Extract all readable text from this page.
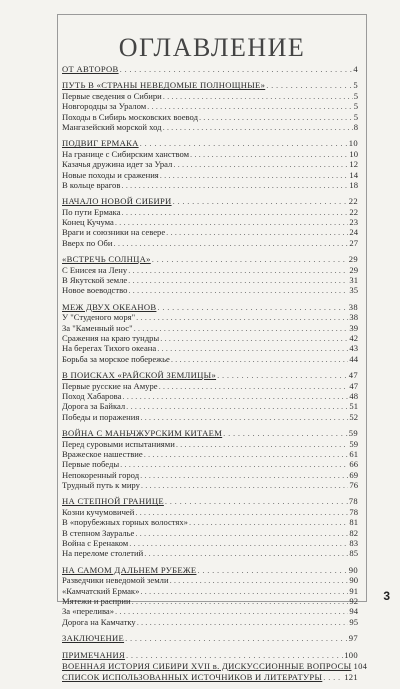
ОГЛАВЛЕНИЕ
ОТ АВТОРОВ . . .	4
ПУТЬ В «СТРАНЫ НЕВЕДОМЫЕ ПОЛНОЩНЫЕ» . . .	5
Первые сведения о Сибири . . .	5
Новгородцы за Уралом . . .	5
Походы в Сибирь московских воевод . . .	5
Мангазейский морской ход . . .	8
ПОДВИГ ЕРМАКА . . .	10
На границе с Сибирским ханством . . .	10
Казачья дружина идет за Урал . . .	12
Новые походы и сражения . . .	14
В кольце врагов . . .	18
НАЧАЛО НОВОЙ СИБИРИ . . .	22
По пути Ермака . . .	22
Конец Кучума . . .	23
Враги и союзники на севере . . .	24
Вверх по Оби . . .	27
«ВСТРЕЧЬ СОЛНЦА» . . .	29
С Енисея на Лену . . .	29
В Якутской земле . . .	31
Новое воеводство . . .	35
МЕЖ ДВУХ ОКЕАНОВ . . .	38
У "Студеного моря" . . .	38
За "Каменный нос" . . .	39
Сражения на краю тундры . . .	42
На берегах Тихого океана . . .	43
Борьба за морское побережье . . .	44
В ПОИСКАХ «РАЙСКОЙ ЗЕМЛИЦЫ» . . .	47
Первые русские на Амуре . . .	47
Поход Хабарова . . .	48
Дорога за Байкал . . .	51
Победы и поражения . . .	52
ВОЙНА С МАНЬЧЖУРСКИМ КИТАЕМ . . .	59
Перед суровыми испытаниями . . .	59
Вражеское нашествие . . .	61
Первые победы . . .	66
Непокоренный город . . .	69
Трудный путь к миру . . .	76
НА СТЕПНОЙ ГРАНИЦЕ . . .	78
Козни кучумовичей . . .	78
В «порубежных горных волостях» . . .	81
В степном Зауралье . . .	82
Война с Еренаком . . .	83
На переломе столетий . . .	85
НА САМОМ ДАЛЬНЕМ РУБЕЖЕ . . .	90
Разведчики неведомой земли . . .	90
«Камчатский Ермак» . . .	91
Мятежи и расприи . . .	92
За «перелива» . . .	94
Дорога на Камчатку . . .	95
ЗАКЛЮЧЕНИЕ . . .	97
ПРИМЕЧАНИЯ . . .	100
ВОЕННАЯ ИСТОРИЯ СИБИРИ XVII в. ДИСКУССИОННЫЕ ВОПРОСЫ 104
СПИСОК ИСПОЛЬЗОВАННЫХ ИСТОЧНИКОВ И ЛИТЕРАТУРЫ . . .	121
3
